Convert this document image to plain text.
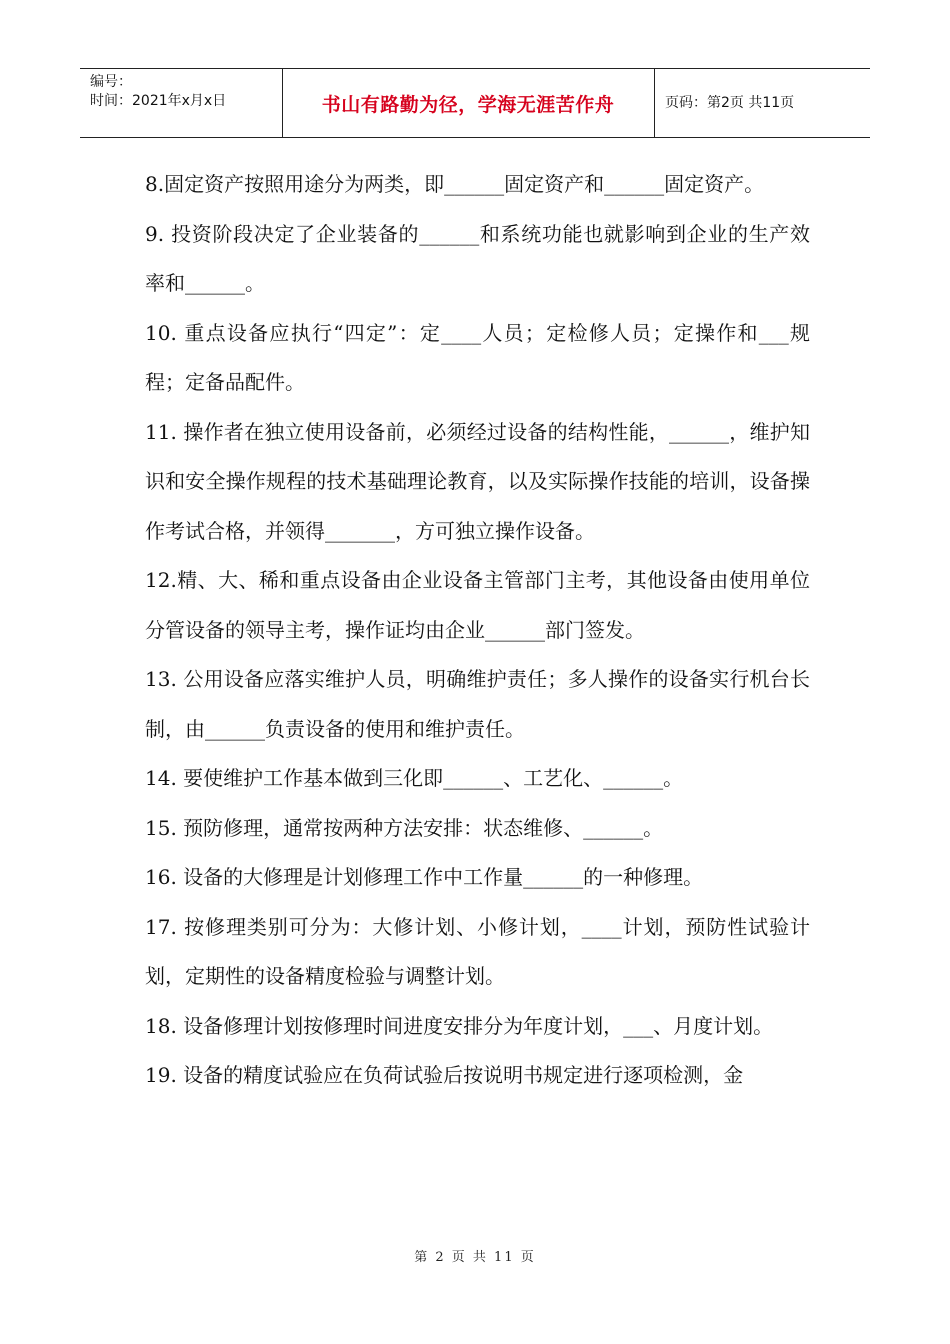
编号：
时间：2021年x月x日	书山有路勤为径，学海无涯苦作舟	页码：第2页 共11页

8.固定资产按照用途分为两类，即______固定资产和______固定资产。

9. 投资阶段决定了企业装备的______和系统功能也就影响到企业的生产效率和______。

10. 重点设备应执行“四定”：定____人员；定检修人员；定操作和___规程；定备品配件。

11. 操作者在独立使用设备前，必须经过设备的结构性能，______，维护知识和安全操作规程的技术基础理论教育，以及实际操作技能的培训，设备操作考试合格，并领得_______，方可独立操作设备。

12.精、大、稀和重点设备由企业设备主管部门主考，其他设备由使用单位分管设备的领导主考，操作证均由企业______部门签发。

13. 公用设备应落实维护人员，明确维护责任；多人操作的设备实行机台长制，由______负责设备的使用和维护责任。

14. 要使维护工作基本做到三化即______、工艺化、______。

15. 预防修理，通常按两种方法安排：状态维修、______。

16. 设备的大修理是计划修理工作中工作量______的一种修理。

17. 按修理类别可分为：大修计划、小修计划，____计划，预防性试验计划，定期性的设备精度检验与调整计划。

18. 设备修理计划按修理时间进度安排分为年度计划，___、月度计划。

19. 设备的精度试验应在负荷试验后按说明书规定进行逐项检测，金

第 2 页 共 11 页
